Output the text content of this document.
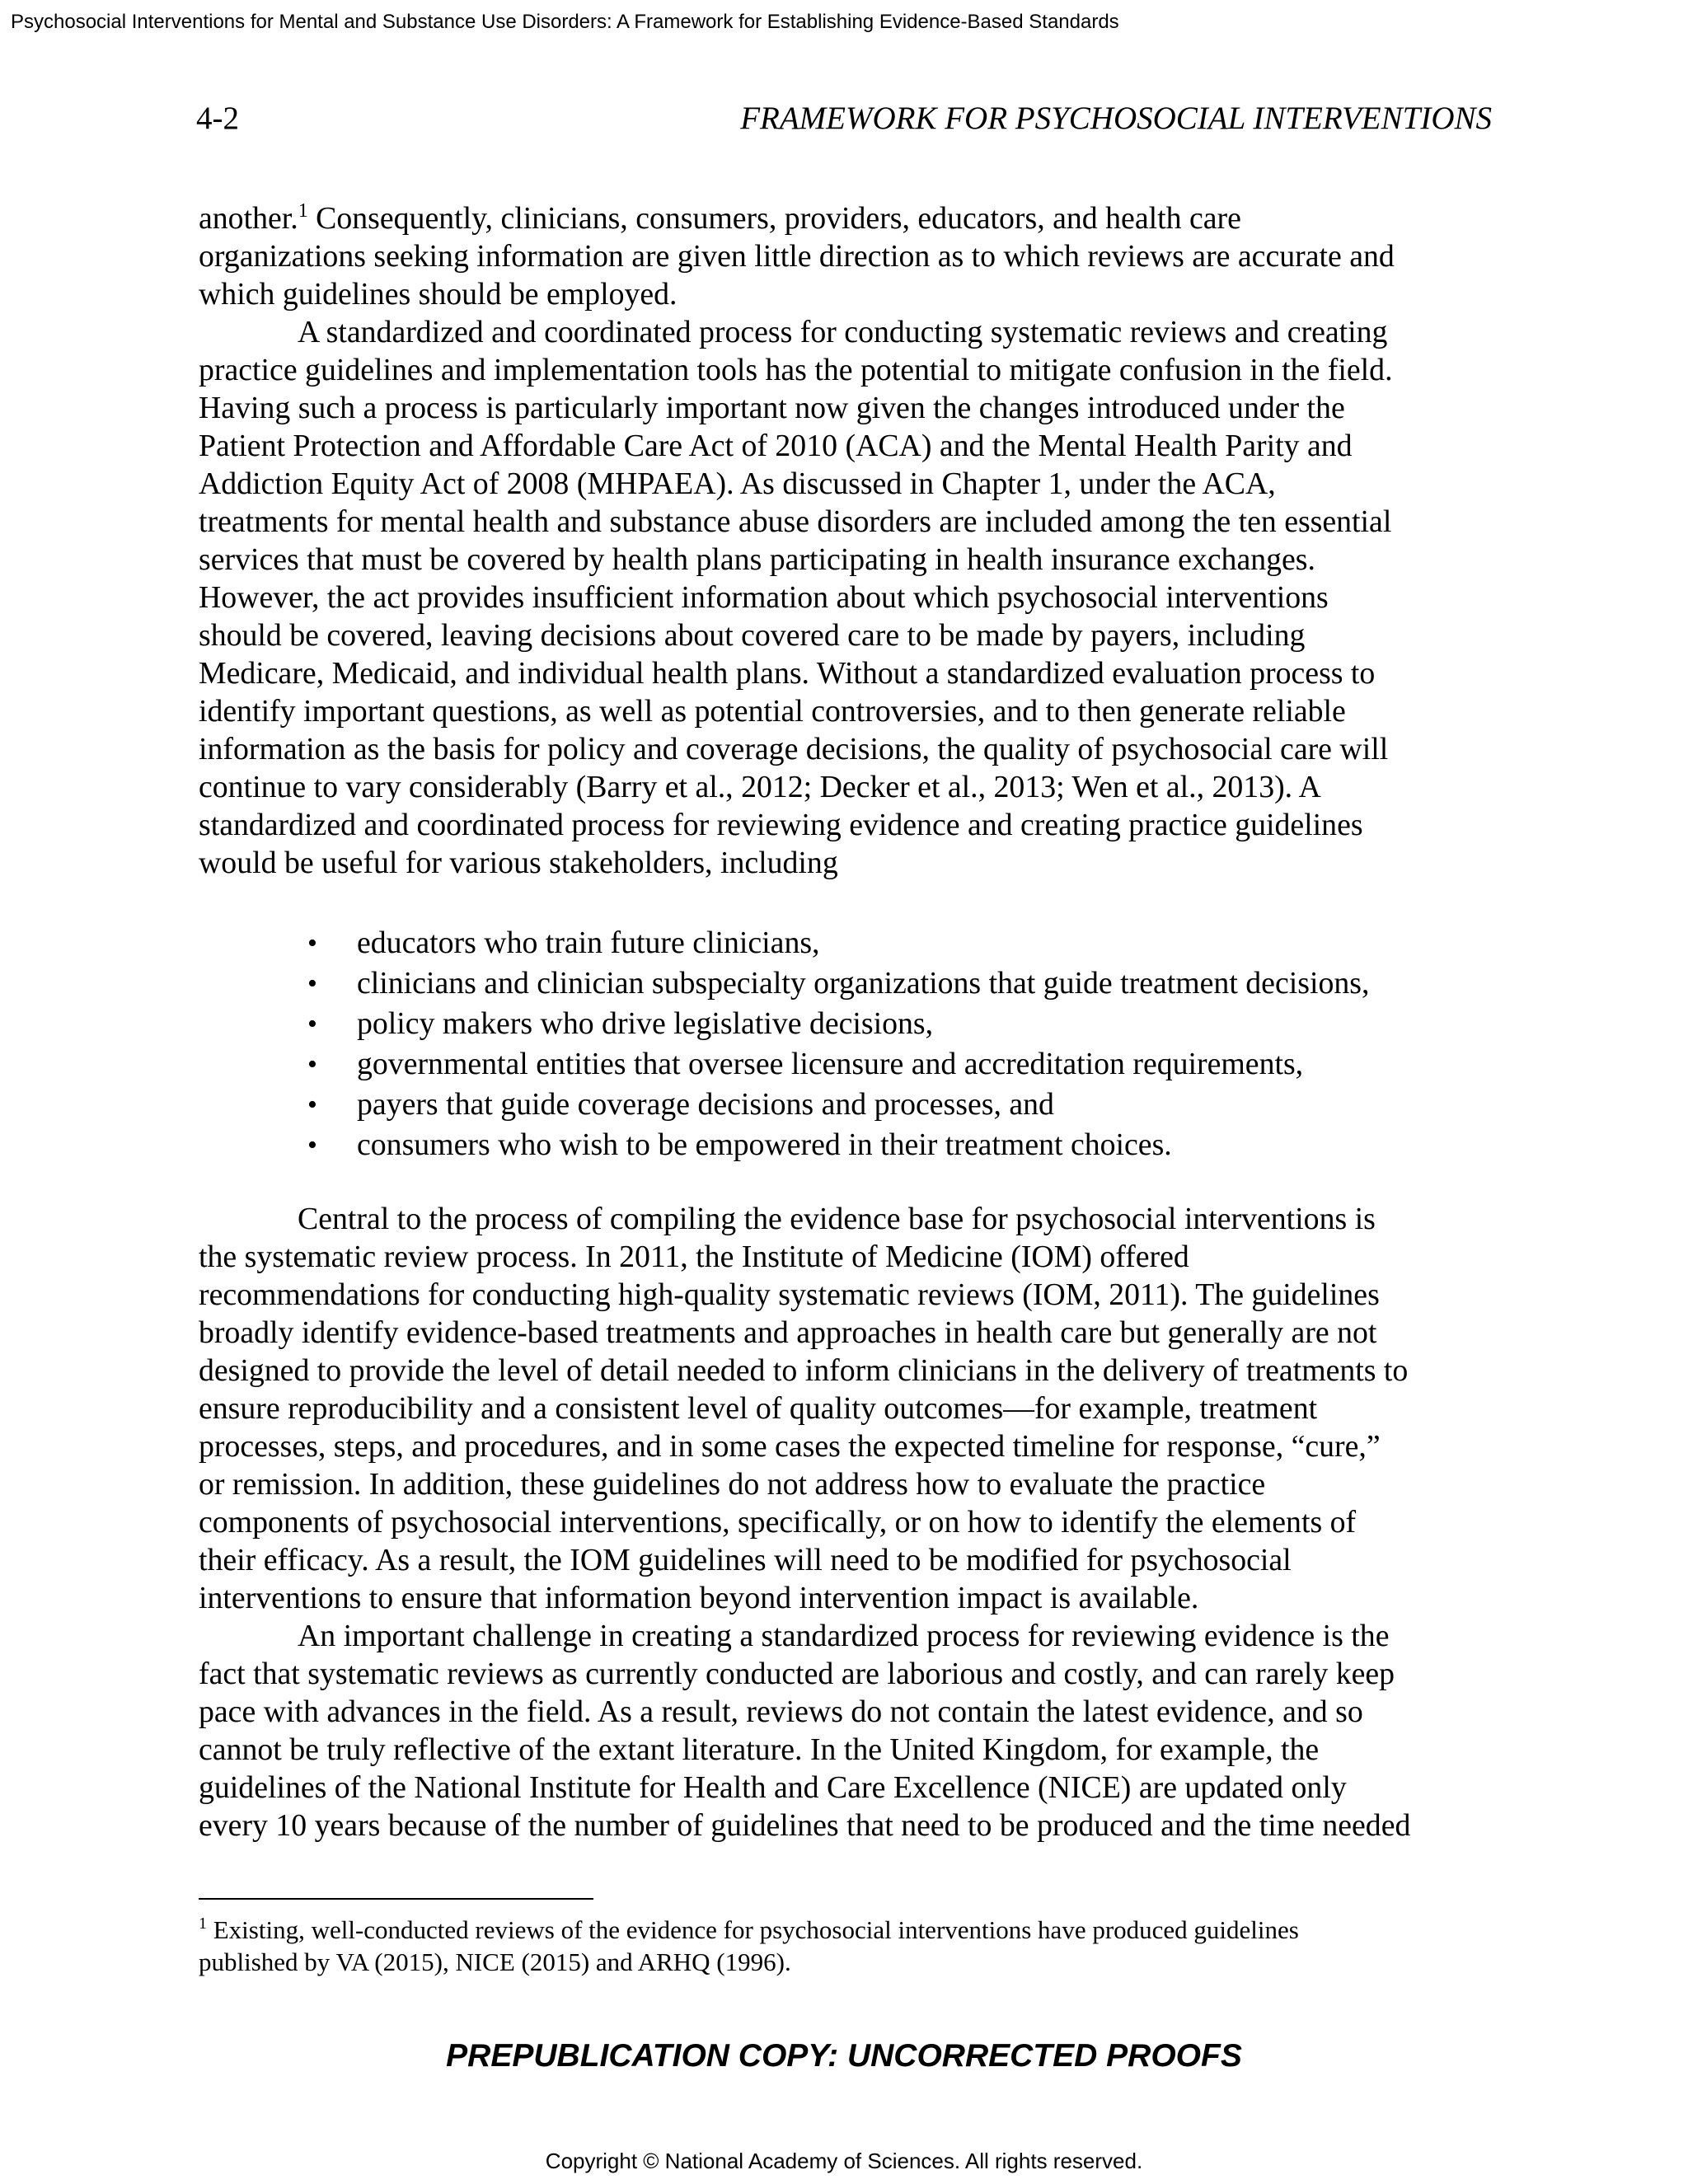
Psychosocial Interventions for Mental and Substance Use Disorders: A Framework for Establishing Evidence-Based Standards
4-2	FRAMEWORK FOR PSYCHOSOCIAL INTERVENTIONS
another.$^1$ Consequently, clinicians, consumers, providers, educators, and health care
organizations seeking information are given little direction as to which reviews are accurate and
which guidelines should be employed.
A standardized and coordinated process for conducting systematic reviews and creating
practice guidelines and implementation tools has the potential to mitigate confusion in the field.
Having such a process is particularly important now given the changes introduced under the
Patient Protection and Affordable Care Act of 2010 (ACA) and the Mental Health Parity and
Addiction Equity Act of 2008 (MHPAEA). As discussed in Chapter 1, under the ACA,
treatments for mental health and substance abuse disorders are included among the ten essential
services that must be covered by health plans participating in health insurance exchanges.
However, the act provides insufficient information about which psychosocial interventions
should be covered, leaving decisions about covered care to be made by payers, including
Medicare, Medicaid, and individual health plans. Without a standardized evaluation process to
identify important questions, as well as potential controversies, and to then generate reliable
information as the basis for policy and coverage decisions, the quality of psychosocial care will
continue to vary considerably (Barry et al., 2012; Decker et al., 2013; Wen et al., 2013). A
standardized and coordinated process for reviewing evidence and creating practice guidelines
would be useful for various stakeholders, including
• educators who train future clinicians,
• clinicians and clinician subspecialty organizations that guide treatment decisions,
• policy makers who drive legislative decisions,
• governmental entities that oversee licensure and accreditation requirements,
• payers that guide coverage decisions and processes, and
• consumers who wish to be empowered in their treatment choices.
Central to the process of compiling the evidence base for psychosocial interventions is
the systematic review process. In 2011, the Institute of Medicine (IOM) offered
recommendations for conducting high-quality systematic reviews (IOM, 2011). The guidelines
broadly identify evidence-based treatments and approaches in health care but generally are not
designed to provide the level of detail needed to inform clinicians in the delivery of treatments to
ensure reproducibility and a consistent level of quality outcomes—for example, treatment
processes, steps, and procedures, and in some cases the expected timeline for response, “cure,”
or remission. In addition, these guidelines do not address how to evaluate the practice
components of psychosocial interventions, specifically, or on how to identify the elements of
their efficacy. As a result, the IOM guidelines will need to be modified for psychosocial
interventions to ensure that information beyond intervention impact is available.
An important challenge in creating a standardized process for reviewing evidence is the
fact that systematic reviews as currently conducted are laborious and costly, and can rarely keep
pace with advances in the field. As a result, reviews do not contain the latest evidence, and so
cannot be truly reflective of the extant literature. In the United Kingdom, for example, the
guidelines of the National Institute for Health and Care Excellence (NICE) are updated only
every 10 years because of the number of guidelines that need to be produced and the time needed
$^1$ Existing, well-conducted reviews of the evidence for psychosocial interventions have produced guidelines
published by VA (2015), NICE (2015) and ARHQ (1996).
PREPUBLICATION COPY: UNCORRECTED PROOFS
Copyright © National Academy of Sciences. All rights reserved.
